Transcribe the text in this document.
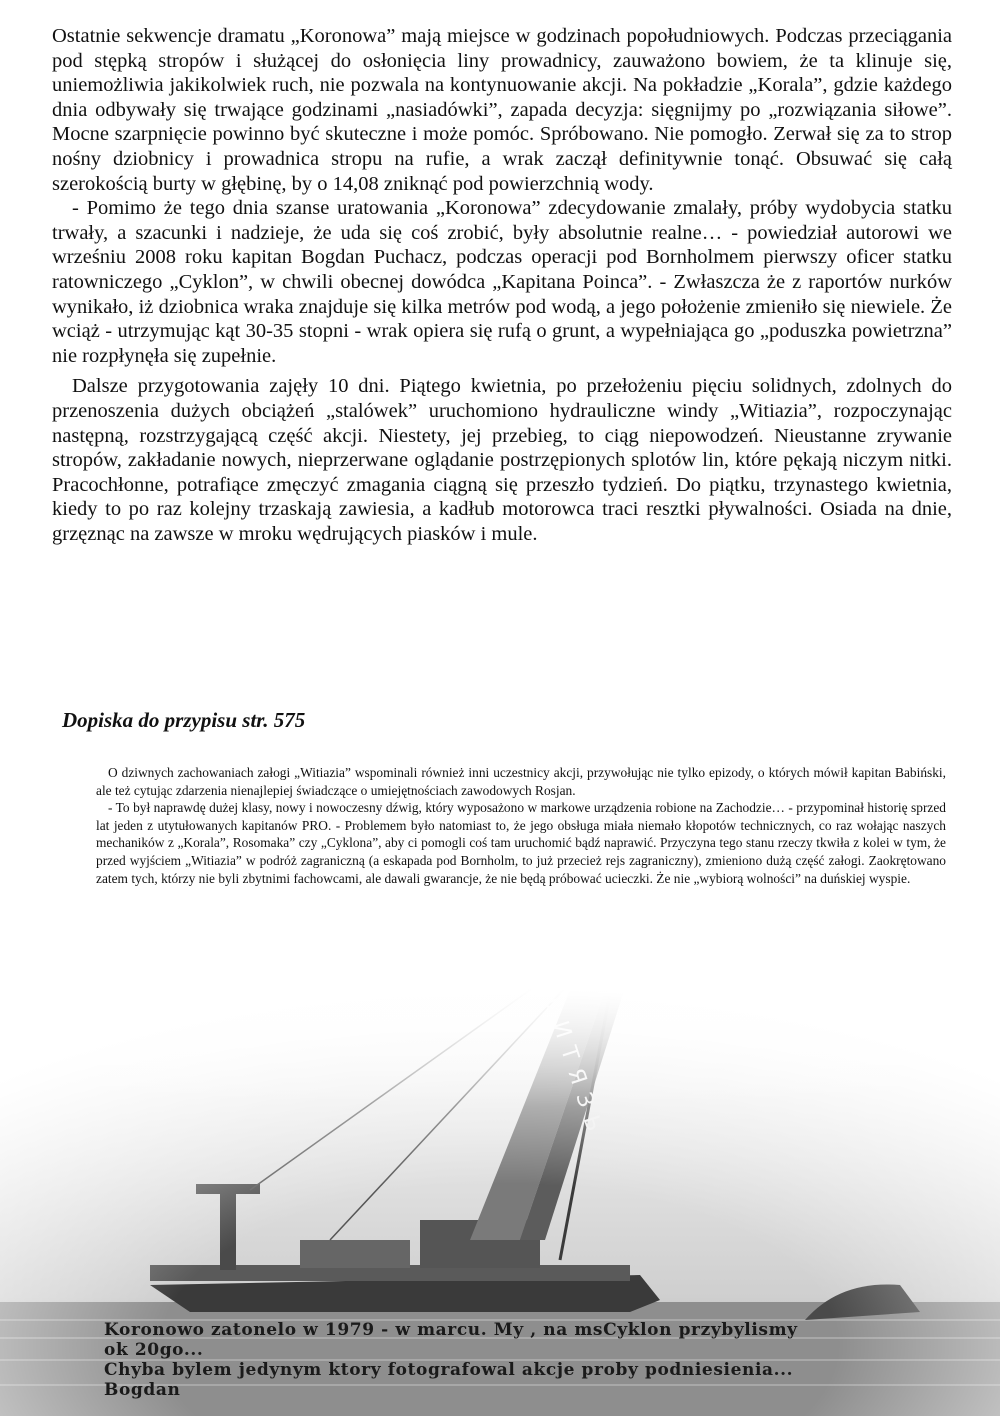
Ostatnie sekwencje dramatu „Koronowa” mają miejsce w godzinach popołudniowych. Podczas przeciągania pod stępką stropów i służącej do osłonięcia liny prowadnicy, zauważono bowiem, że ta klinuje się, uniemożliwia jakikolwiek ruch, nie pozwala na kontynuowanie akcji. Na pokładzie „Korala”, gdzie każdego dnia odbywały się trwające godzinami „nasiadówki”, zapada decyzja: sięgnijmy po „rozwiązania siłowe”. Mocne szarpnięcie powinno być skuteczne i może pomóc. Spróbowano. Nie pomogło. Zerwał się za to strop nośny dziobnicy i prowadnica stropu na rufie, a wrak zaczął definitywnie tonąć. Obsuwać się całą szerokością burty w głębinę, by o 14,08 zniknąć pod powierzchnią wody.

- Pomimo że tego dnia szanse uratowania „Koronowa” zdecydowanie zmalały, próby wydobycia statku trwały, a szacunki i nadzieje, że uda się coś zrobić, były absolutnie realne… - powiedział autorowi we wrześniu 2008 roku kapitan Bogdan Puchacz, podczas operacji pod Bornholmem pierwszy oficer statku ratowniczego „Cyklon”, w chwili obecnej dowódca „Kapitana Poinca”. - Zwłaszcza że z raportów nurków wynikało, iż dziobnica wraka znajduje się kilka metrów pod wodą, a jego położenie zmieniło się niewiele. Że wciąż - utrzymując kąt 30-35 stopni - wrak opiera się rufą o grunt, a wypełniająca go „poduszka powietrzna” nie rozpłynęła się zupełnie.

Dalsze przygotowania zajęły 10 dni. Piątego kwietnia, po przełożeniu pięciu solidnych, zdolnych do przenoszenia dużych obciążeń „stalówek” uruchomiono hydrauliczne windy „Witiazia”, rozpoczynając następną, rozstrzygającą część akcji. Niestety, jej przebieg, to ciąg niepowodzeń. Nieustanne zrywanie stropów, zakładanie nowych, nieprzerwane oglądanie postrzępionych splotów lin, które pękają niczym nitki. Pracochłonne, potrafiące zmęczyć zmagania ciągną się przeszło tydzień. Do piątku, trzynastego kwietnia, kiedy to po raz kolejny trzaskają zawiesia, a kadłub motorowca traci resztki pływalności. Osiada na dnie, grzęznąc na zawsze w mroku wędrujących piasków i mule.

Dopiska do przypisu str. 575

O dziwnych zachowaniach załogi „Witiazia” wspominali również inni uczestnicy akcji, przywołując nie tylko epizody, o których mówił kapitan Babiński, ale też cytując zdarzenia nienajlepiej świadczące o umiejętnościach zawodowych Rosjan.

- To był naprawdę dużej klasy, nowy i nowoczesny dźwig, który wyposażono w markowe urządzenia robione na Zachodzie… - przypominał historię sprzed lat jeden z utytułowanych kapitanów PRO. - Problemem było natomiast to, że jego obsługa miała niemało kłopotów technicznych, co raz wołając naszych mechaników z „Korala”, Rosomaka” czy „Cyklona”, aby ci pomogli coś tam uruchomić bądź naprawić. Przyczyna tego stanu rzeczy tkwiła z kolei w tym, że przed wyjściem „Witiazia” w podróż zagraniczną (a eskapada pod Bornholm, to już przecież rejs zagraniczny), zmieniono dużą część załogi. Zaokrętowano zatem tych, którzy nie byli zbytnimi fachowcami, ale dawali gwarancje, że nie będą próbować ucieczki. Że nie „wybiorą wolności” na duńskiej wyspie.

Koronowo zatonelo w 1979 - w marcu. My , na msCyklon przybylismy
ok 20go...
Chyba bylem jedynym ktory fotografowal akcje proby podniesienia...
Bogdan
